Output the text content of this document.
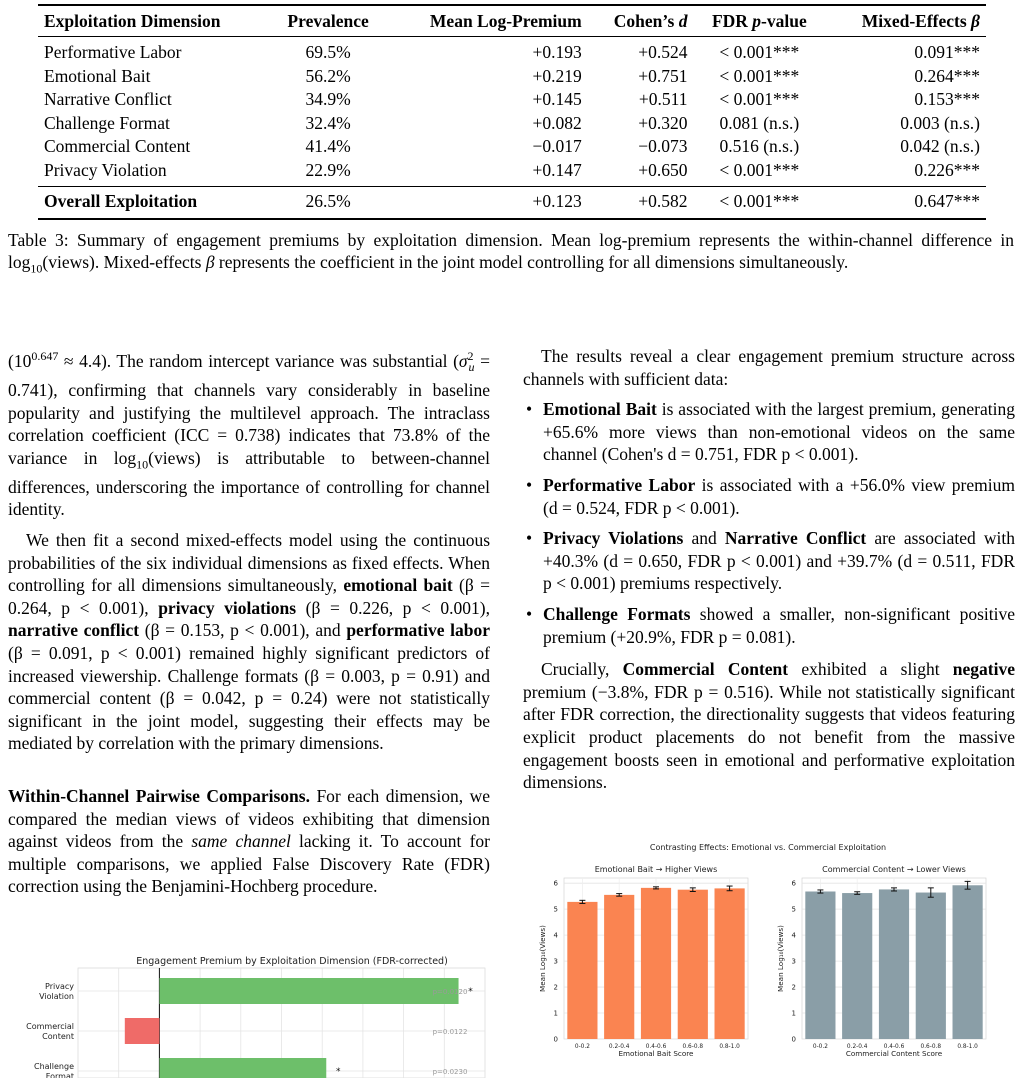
Exploitation Dimension	Prevalence	Mean Log-Premium	Cohen’s d	FDR p-value	Mixed-Effects β
Performative Labor	69.5%	+0.193	+0.524	< 0.001***	0.091***
Emotional Bait	56.2%	+0.219	+0.751	< 0.001***	0.264***
Narrative Conflict	34.9%	+0.145	+0.511	< 0.001***	0.153***
Challenge Format	32.4%	+0.082	+0.320	0.081 (n.s.)	0.003 (n.s.)
Commercial Content	41.4%	−0.017	−0.073	0.516 (n.s.)	0.042 (n.s.)
Privacy Violation	22.9%	+0.147	+0.650	< 0.001***	0.226***
Overall Exploitation	26.5%	+0.123	+0.582	< 0.001***	0.647***
Table 3: Summary of engagement premiums by exploitation dimension. Mean log-premium represents the within-channel difference in $\log_{10}(views)$. Mixed-effects β represents the coefficient in the joint model controlling for all dimensions simultaneously.

$(10^{0.647} \approx 4.4)$. The random intercept variance was substantial $(\sigma^2_u = 0.741)$, confirming that channels vary considerably in baseline popularity and justifying the multilevel approach. The intraclass correlation coefficient (ICC = 0.738) indicates that 73.8% of the variance in $\log_{10}(views)$ is attributable to between-channel differences, underscoring the importance of controlling for channel identity.

We then fit a second mixed-effects model using the continuous probabilities of the six individual dimensions as fixed effects. When controlling for all dimensions simultaneously, emotional bait (β = 0.264, p < 0.001), privacy violations (β = 0.226, p < 0.001), narrative conflict (β = 0.153, p < 0.001), and performative labor (β = 0.091, p < 0.001) remained highly significant predictors of increased viewership. Challenge formats (β = 0.003, p = 0.91) and commercial content (β = 0.042, p = 0.24) were not statistically significant in the joint model, suggesting their effects may be mediated by correlation with the primary dimensions.

Within-Channel Pairwise Comparisons. For each dimension, we compared the median views of videos exhibiting that dimension against videos from the same channel lacking it. To account for multiple comparisons, we applied False Discovery Rate (FDR) correction using the Benjamini-Hochberg procedure.

The results reveal a clear engagement premium structure across channels with sufficient data:

• Emotional Bait is associated with the largest premium, generating +65.6% more views than non-emotional videos on the same channel (Cohen's d = 0.751, FDR p < 0.001).
• Performative Labor is associated with a +56.0% view premium (d = 0.524, FDR p < 0.001).
• Privacy Violations and Narrative Conflict are associated with +40.3% (d = 0.650, FDR p < 0.001) and +39.7% (d = 0.511, FDR p < 0.001) premiums respectively.
• Challenge Formats showed a smaller, non-significant positive premium (+20.9%, FDR p = 0.081).

Crucially, Commercial Content exhibited a slight negative premium (−3.8%, FDR p = 0.516). While not statistically significant after FDR correction, the directionality suggests that videos featuring explicit product placements do not benefit from the massive engagement boosts seen in emotional and performative exploitation dimensions.

Engagement Premium by Exploitation Dimension (FDR-corrected)
Privacy
Violation	p=0.0120 *
Commercial
Content	p=0.0122
Challenge
Format	p=0.0230
*
Contrasting Effects: Emotional vs. Commercial Exploitation
Emotional Bait → Higher Views
0
1
2
3
4
5
6
0-0.2	0.2-0.4	0.4-0.6	0.6-0.8	0.8-1.0
Emotional Bait Score
Mean Log₁₀(Views)
Commercial Content → Lower Views
0
1
2
3
4
5
6
0-0.2	0.2-0.4	0.4-0.6	0.6-0.8	0.8-1.0
Commercial Content Score
Mean Log₁₀(Views)
